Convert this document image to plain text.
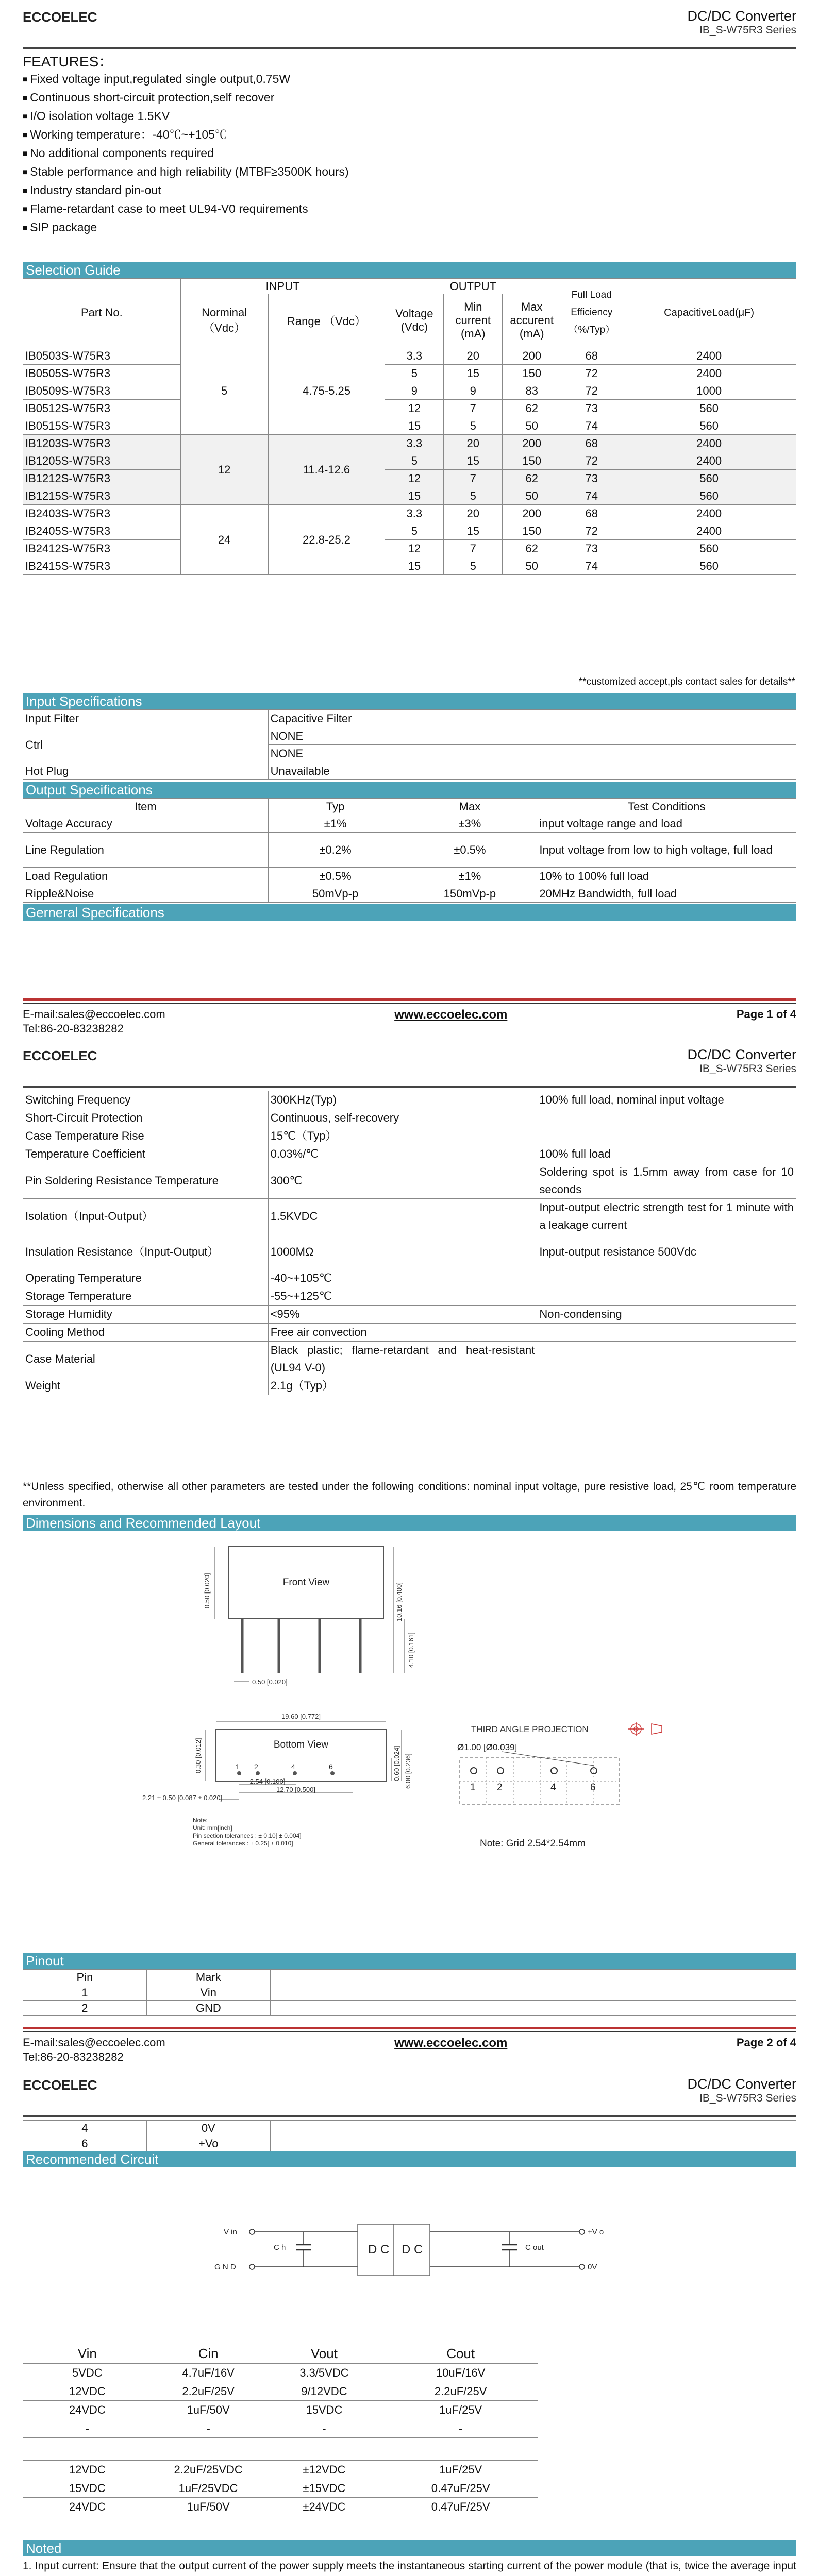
ECCOELEC	DC/DC Converter
IB_S-W75R3 Series
FEATURES：
■ Fixed voltage input,regulated single output,0.75W
■ Continuous short-circuit protection,self recover
■ I/O isolation voltage 1.5KV
■ Working temperature：-40℃~+105℃
■ No additional components required
■ Stable performance and high reliability (MTBF≥3500K hours)
■ Industry standard pin-out
■ Flame-retardant case to meet UL94-V0 requirements
■ SIP package
Selection Guide
Part No.	INPUT		OUTPUT			Full Load Efficiency （%/Typ）	CapacitiveLoad(μF)
	Norminal （Vdc）	Range （Vdc）	Voltage (Vdc)	Min current (mA)	Max accurent (mA)		

IB0503S-W75R3	5	4.75-5.25	3.3	20	200	68	2400
IB0505S-W75R3			5	15	150	72	2400
IB0509S-W75R3			9	9	83	72	1000
IB0512S-W75R3			12	7	62	73	560
IB0515S-W75R3			15	5	50	74	560
IB1203S-W75R3	12	11.4-12.6	3.3	20	200	68	2400
IB1205S-W75R3			5	15	150	72	2400
IB1212S-W75R3			12	7	62	73	560
IB1215S-W75R3			15	5	50	74	560
IB2403S-W75R3	24	22.8-25.2	3.3	20	200	68	2400
IB2405S-W75R3			5	15	150	72	2400
IB2412S-W75R3			12	7	62	73	560
IB2415S-W75R3			15	5	50	74	560
**customized accept,pls contact sales for details**
Input Specifications
Input Filter	Capacitive Filter	
Ctrl	NONE	
	NONE	
Hot Plug	Unavailable	
Output Specifications
Item	Typ	Max	Test Conditions
Voltage Accuracy	±1%	±3%	input voltage range and load
Line Regulation	±0.2%	±0.5%	Input voltage from low to high voltage, full load
Load Regulation	±0.5%	±1%	10% to 100% full load
Ripple&Noise	50mVp-p	150mVp-p	20MHz Bandwidth, full load
Gerneral Specifications
E-mail:sales@eccoelec.com	www.eccoelec.com	Page 1 of 4
Tel:86-20-83238282
ECCOELEC	DC/DC Converter
IB_S-W75R3 Series
Switching Frequency	300KHz(Typ)	100% full load, nominal input voltage
Short-Circuit Protection	Continuous, self-recovery	
Case Temperature Rise	15℃（Typ）	
Temperature Coefficient	0.03%/℃	100% full load
Pin Soldering Resistance Temperature	300℃	Soldering spot is 1.5mm away from case for 10 seconds
Isolation（Input-Output）	1.5KVDC	Input-output electric strength test for 1 minute with a leakage current
Insulation Resistance（Input-Output）	1000MΩ	Input-output resistance 500Vdc
Operating Temperature	-40~+105℃	
Storage Temperature	-55~+125℃	
Storage Humidity	<95%	Non-condensing
Cooling Method	Free air convection	
Case Material	Black plastic; flame-retardant and heat-resistant (UL94 V-0)	
Weight	2.1g（Typ）	
**Unless specified, otherwise all other parameters are tested under the following conditions: nominal input voltage, pure resistive load, 25℃ room temperature environment.
Dimensions and Recommended Layout
Front View
0.50 [0.020]	10.16 [0.400]
4.10 [0.161]
0.50 [0.020]
Bottom View
19.60 [0.772]
1 2	4	6
2.54 [0.100]
12.70 [0.500]
0.30 [0.012]	0.60 [0.024] 6.00 [0.236]
2.21 ± 0.50 [0.087 ± 0.020]
Note:
Unit: mm[inch]
Pin section tolerances : ± 0.10[ ± 0.004]
General tolerances : ± 0.25[ ± 0.010]
THIRD ANGLE PROJECTION
Ø1.00 [Ø0.039]
1 2	4	6
Note: Grid 2.54*2.54mm
Pinout
Pin	Mark		
1	Vin		
2	GND		
E-mail:sales@eccoelec.com	www.eccoelec.com	Page 2 of 4
Tel:86-20-83238282
ECCOELEC	DC/DC Converter
IB_S-W75R3 Series
4	0V		
6	+Vo		
Recommended Circuit
V in
G N D
C h	D C D C	C out
+V o
0V
Vin	Cin	Vout	Cout
5VDC	4.7uF/16V	3.3/5VDC	10uF/16V
12VDC	2.2uF/25V	9/12VDC	2.2uF/25V
24VDC	1uF/50V	15VDC	1uF/25V
-	-	-	-

12VDC	2.2uF/25VDC	±12VDC	1uF/25V
15VDC	1uF/25VDC	±15VDC	0.47uF/25V
24VDC	1uF/50V	±24VDC	0.47uF/25V
Noted

1. Input current: Ensure that the output current of the power supply meets the instantaneous starting current of the power module (that is, twice the average input
